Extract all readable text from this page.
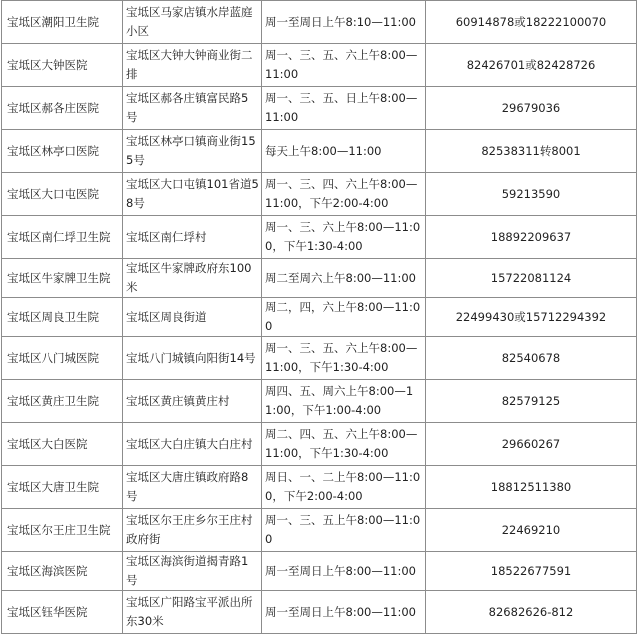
宝坻区潮阳卫生院	宝坻区马家店镇水岸蓝庭小区	周一至周日上午8:10—11:00	60914878或18222100070
宝坻区大钟医院	宝坻区大钟大钟商业街二排	周一、三、五、六上午8:00—11:00	82426701或82428726
宝坻区郝各庄医院	宝坻区郝各庄镇富民路5号	周一、三、五、日上午8:00—11:00	29679036
宝坻区林亭口医院	宝坻区林亭口镇商业街155号	每天上午8:00—11:00	82538311转8001
宝坻区大口屯医院	宝坻区大口屯镇101省道58号	周一、三、四、六上午8:00—11:00，下午2:00-4:00	59213590
宝坻区南仁垺卫生院	宝坻区南仁垺村	周一、三、六上午8:00—11:00，下午1:30-4:00	18892209637
宝坻区牛家牌卫生院	宝坻区牛家牌政府东100米	周二至周六上午8:00—11:00	15722081124
宝坻区周良卫生院	宝坻区周良街道	周二，四，六上午8:00—11:00	22499430或15712294392
宝坻区八门城医院	宝坻八门城镇向阳街14号	周一、三、五、六上午8:00—11:00，下午1:30-4:00	82540678
宝坻区黄庄卫生院	宝坻区黄庄镇黄庄村	周四、五、周六上午8:00—11:00，下午1:00-4:00	82579125
宝坻区大白医院	宝坻区大白庄镇大白庄村	周二、四、五、六上午8:00—11:00，下午1:30-4:00	29660267
宝坻区大唐卫生院	宝坻区大唐庄镇政府路8号	周日、一、二上午8:00—11:00，下午2:00-4:00	18812511380
宝坻区尔王庄卫生院	宝坻区尔王庄乡尔王庄村政府街	周一、三、五上午8:00—11:00	22469210
宝坻区海滨医院	宝坻区海滨街道揭青路1号	周一至周日上午8:00—11:00	18522677591
宝坻区钰华医院	宝坻区广阳路宝平派出所东30米	周一至周日上午8:00—11:00	82682626-812
